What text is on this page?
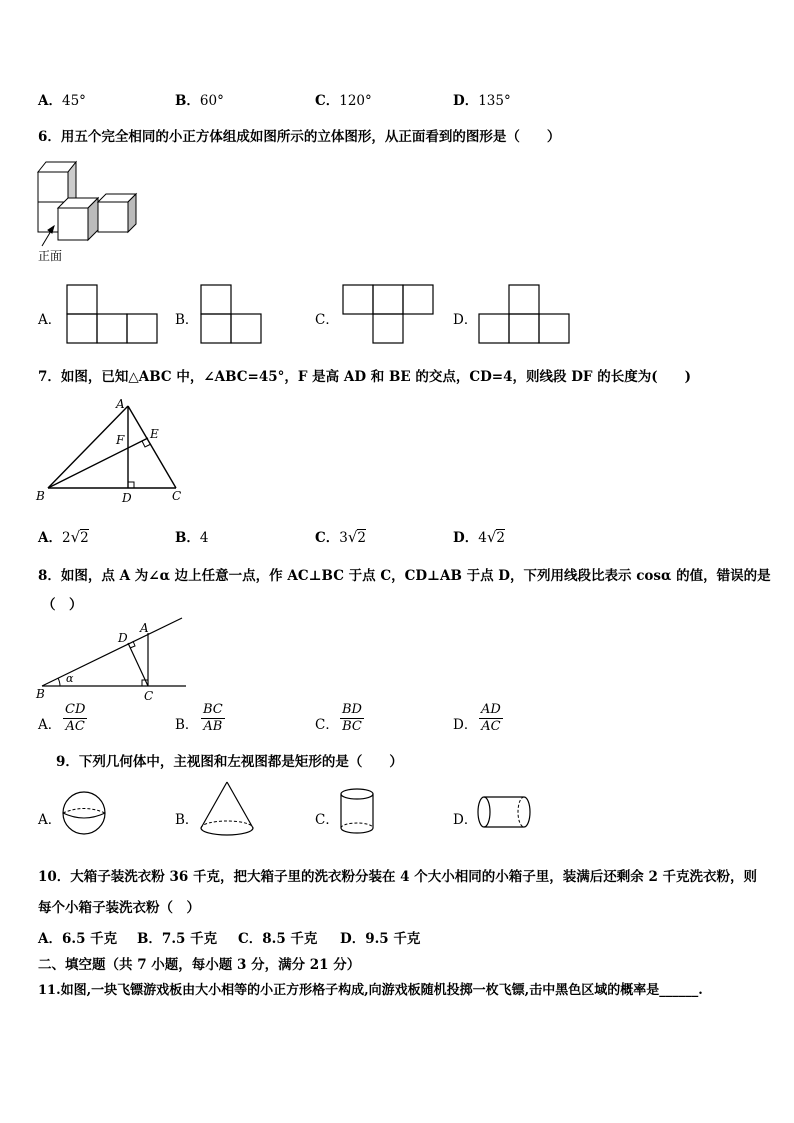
A．45°	B．60°	C．120°	D．135°
6．用五个完全相同的小正方体组成如图所示的立体图形，从正面看到的图形是（　　）
正面
A．	B．	C．	D．
7．如图，已知△ABC 中，∠ABC=45°，F 是高 AD 和 BE 的交点，CD=4，则线段 DF 的长度为(　　)
A
B	C
D
E
F
A．2√2	B．4	C．3√2	D．4√2
8．如图，点 A 为∠α 边上任意一点，作 AC⊥BC 于点 C，CD⊥AB 于点 D，下列用线段比表示 cosα 的值，错误的是
（　）
A
B	C
D
α
A． $\frac{CD}{AC}$	B． $\frac{BC}{AB}$	C． $\frac{BD}{BC}$	D． $\frac{AD}{AC}$
9．下列几何体中，主视图和左视图都是矩形的是（　　）
A．	B．	C．	D．
10．大箱子装洗衣粉 36 千克，把大箱子里的洗衣粉分装在 4 个大小相同的小箱子里，装满后还剩余 2 千克洗衣粉，则
每个小箱子装洗衣粉（　）
A．6.5 千克 B．7.5 千克 C．8.5 千克 D．9.5 千克
二、填空题（共 7 小题，每小题 3 分，满分 21 分）
11.如图,一块飞镖游戏板由大小相等的小正方形格子构成,向游戏板随机投掷一枚飞镖,击中黑色区域的概率是______.
